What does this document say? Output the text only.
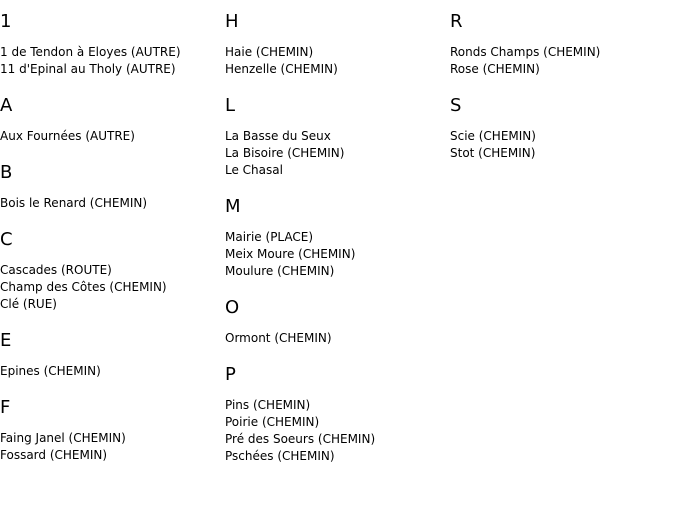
1
1 de Tendon à Eloyes (AUTRE)
11 d'Epinal au Tholy (AUTRE)
A
Aux Fournées (AUTRE)
B
Bois le Renard (CHEMIN)
C
Cascades (ROUTE)
Champ des Côtes (CHEMIN)
Clé (RUE)
E
Epines (CHEMIN)
F
Faing Janel (CHEMIN)
Fossard (CHEMIN)
H
Haie (CHEMIN)
Henzelle (CHEMIN)
L
La Basse du Seux
La Bisoire (CHEMIN)
Le Chasal
M
Mairie (PLACE)
Meix Moure (CHEMIN)
Moulure (CHEMIN)
O
Ormont (CHEMIN)
P
Pins (CHEMIN)
Poirie (CHEMIN)
Pré des Soeurs (CHEMIN)
Pschées (CHEMIN)
R
Ronds Champs (CHEMIN)
Rose (CHEMIN)
S
Scie (CHEMIN)
Stot (CHEMIN)
